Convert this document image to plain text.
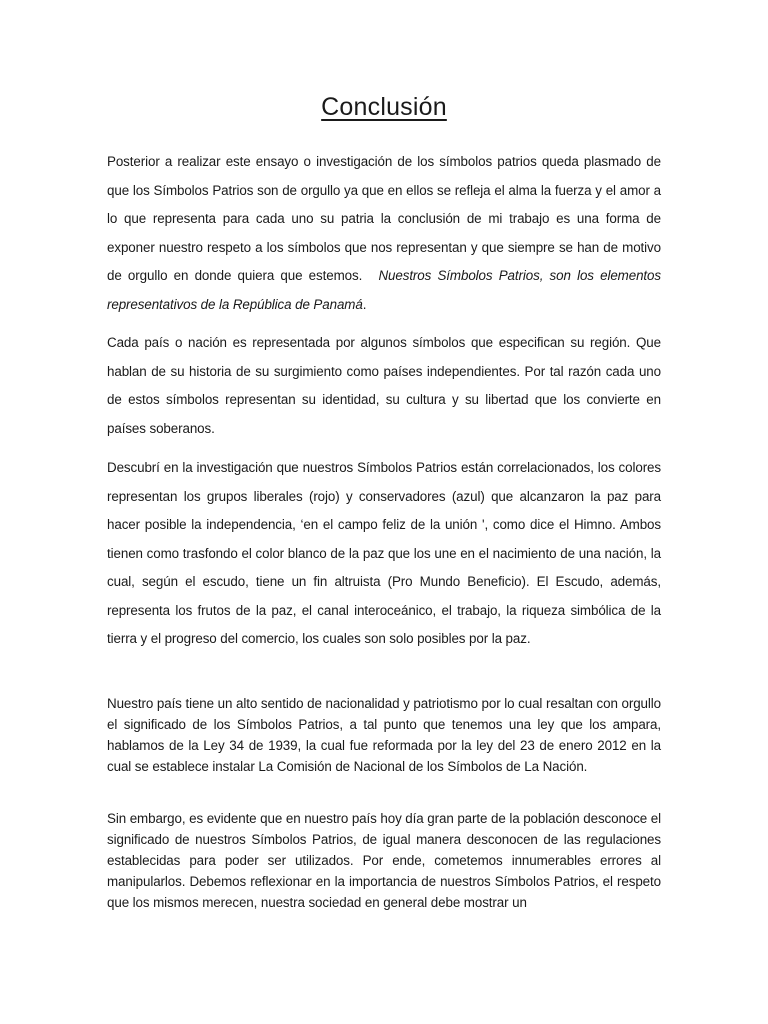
Conclusión

Posterior a realizar este ensayo o investigación de los símbolos patrios queda plasmado de que los Símbolos Patrios son de orgullo ya que en ellos se refleja el alma la fuerza y el amor a lo que representa para cada uno su patria la conclusión de mi trabajo es una forma de exponer nuestro respeto a los símbolos que nos representan y que siempre se han de motivo de orgullo en donde quiera que estemos. Nuestros Símbolos Patrios, son los elementos representativos de la República de Panamá.

Cada país o nación es representada por algunos símbolos que especifican su región. Que hablan de su historia de su surgimiento como países independientes. Por tal razón cada uno de estos símbolos representan su identidad, su cultura y su libertad que los convierte en países soberanos.

Descubrí en la investigación que nuestros Símbolos Patrios están correlacionados, los colores representan los grupos liberales (rojo) y conservadores (azul) que alcanzaron la paz para hacer posible la independencia, ‘en el campo feliz de la unión ', como dice el Himno. Ambos tienen como trasfondo el color blanco de la paz que los une en el nacimiento de una nación, la cual, según el escudo, tiene un fin altruista (Pro Mundo Beneficio). El Escudo, además, representa los frutos de la paz, el canal interoceánico, el trabajo, la riqueza simbólica de la tierra y el progreso del comercio, los cuales son solo posibles por la paz.

Nuestro país tiene un alto sentido de nacionalidad y patriotismo por lo cual resaltan con orgullo el significado de los Símbolos Patrios, a tal punto que tenemos una ley que los ampara, hablamos de la Ley 34 de 1939, la cual fue reformada por la ley del 23 de enero 2012 en la cual se establece instalar La Comisión de Nacional de los Símbolos de La Nación.

Sin embargo, es evidente que en nuestro país hoy día gran parte de la población desconoce el significado de nuestros Símbolos Patrios, de igual manera desconocen de las regulaciones establecidas para poder ser utilizados. Por ende, cometemos innumerables errores al manipularlos. Debemos reflexionar en la importancia de nuestros Símbolos Patrios, el respeto que los mismos merecen, nuestra sociedad en general debe mostrar un
